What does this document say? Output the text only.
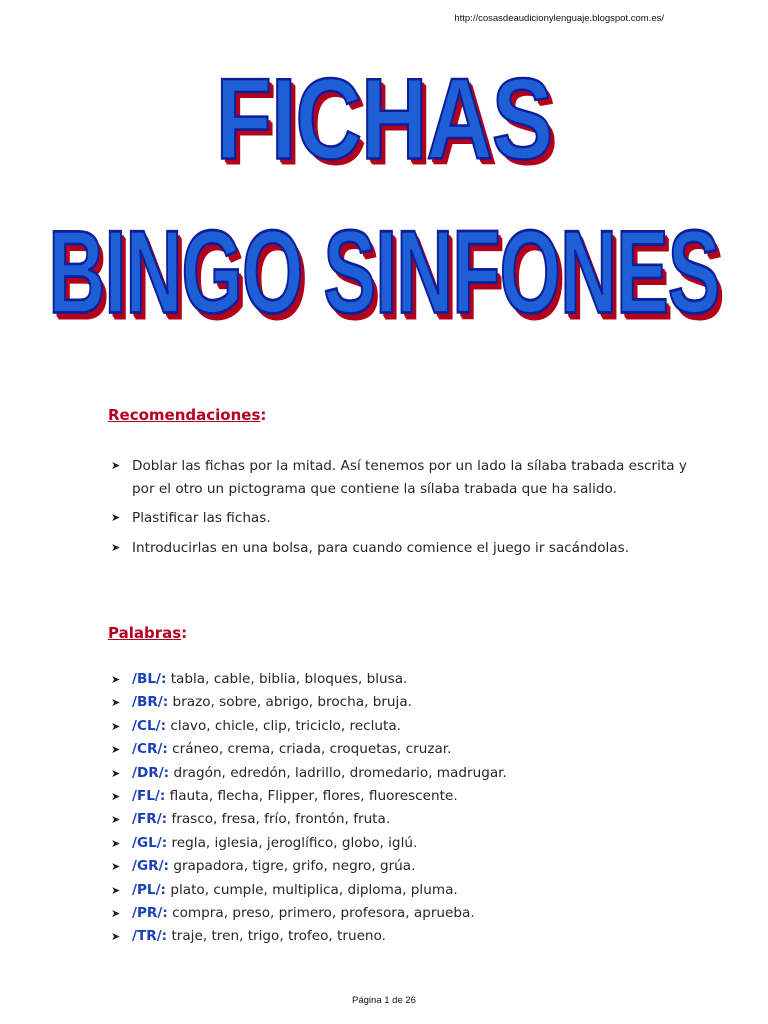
http://cosasdeaudicionylenguaje.blogspot.com.es/
FICHAS
BINGO SINFONES
Recomendaciones:
➤ Doblar las fichas por la mitad. Así tenemos por un lado la sílaba trabada escrita y por el otro un pictograma que contiene la sílaba trabada que ha salido.
➤ Plastificar las fichas.
➤ Introducirlas en una bolsa, para cuando comience el juego ir sacándolas.
Palabras:
➤ /BL/: tabla, cable, biblia, bloques, blusa.
➤ /BR/: brazo, sobre, abrigo, brocha, bruja.
➤ /CL/: clavo, chicle, clip, triciclo, recluta.
➤ /CR/: cráneo, crema, criada, croquetas, cruzar.
➤ /DR/: dragón, edredón, ladrillo, dromedario, madrugar.
➤ /FL/: flauta, flecha, Flipper, flores, fluorescente.
➤ /FR/: frasco, fresa, frío, frontón, fruta.
➤ /GL/: regla, iglesia, jeroglífico, globo, iglú.
➤ /GR/: grapadora, tigre, grifo, negro, grúa.
➤ /PL/: plato, cumple, multiplica, diploma, pluma.
➤ /PR/: compra, preso, primero, profesora, aprueba.
➤ /TR/: traje, tren, trigo, trofeo, trueno.
Página 1 de 26
